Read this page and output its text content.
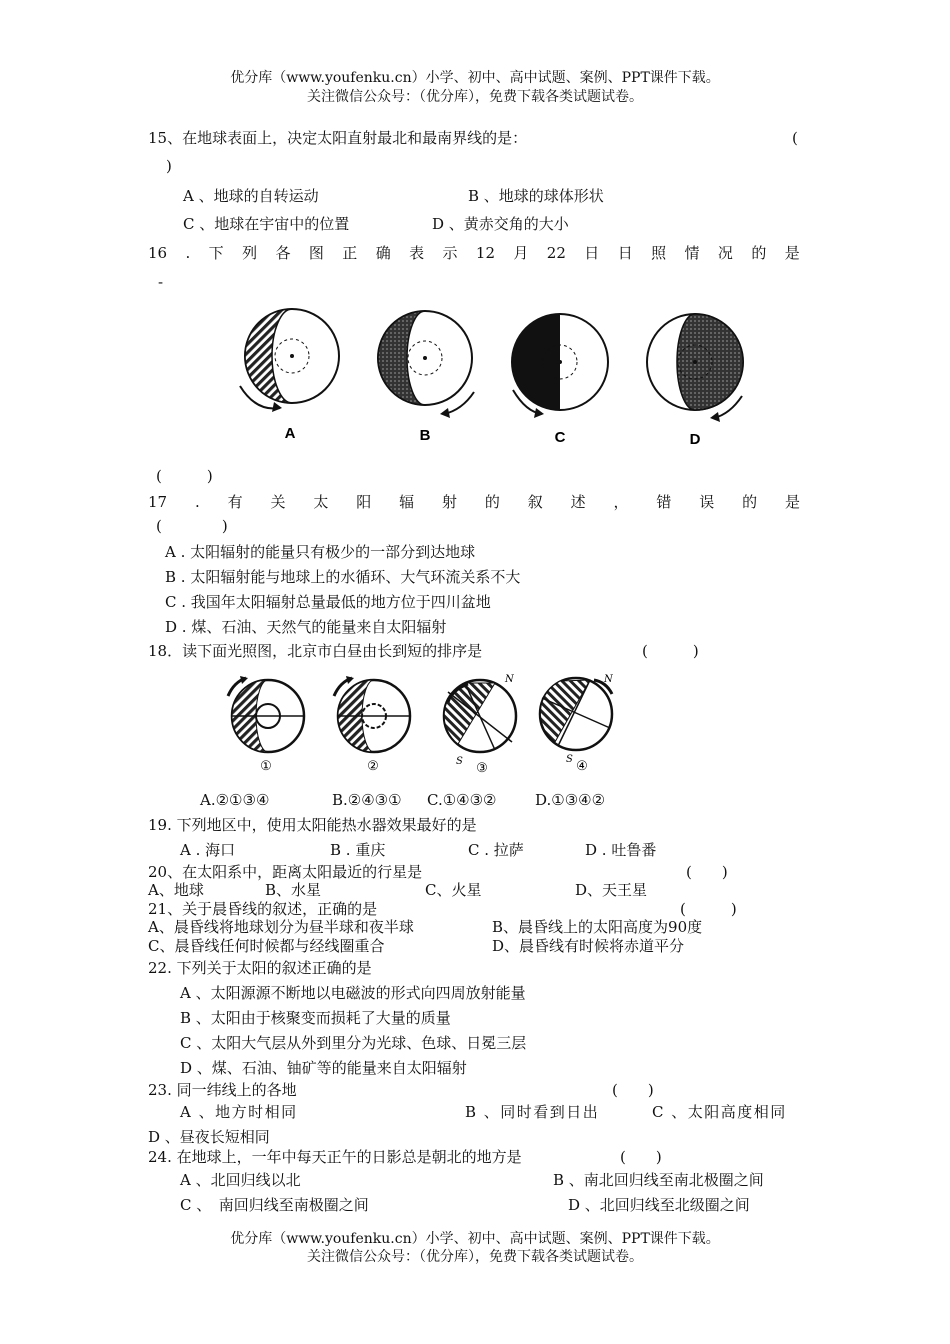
优分库（www.youfenku.cn）小学、初中、高中试题、案例、PPT课件下载。
关注微信公众号：（优分库），免费下载各类试题试卷。
15、在地球表面上，决定太阳直射最北和最南界线的是：	(
)
A 、地球的自转运动	B 、地球的球体形状
C 、地球在宇宙中的位置	D 、黄赤交角的大小
16 . 下 列 各 图 正 确 表 示 12 月 22 日 日 照 情 况 的 是
-
A	B	C	D
(　　　)
17 . 有 关 太 阳 辐 射 的 叙 述 ， 错 误 的 是
(　　　　)
A . 太阳辐射的能量只有极少的一部分到达地球
B . 太阳辐射能与地球上的水循环、大气环流关系不大
C . 我国年太阳辐射总量最低的地方位于四川盆地
D . 煤、石油、天然气的能量来自太阳辐射
18．读下面光照图，北京市白昼由长到短的排序是	(　　　)
N
S
N
S
①	②	③	④
A.②①③④	B.②④③① C.①④③②	D.①③④②
19. 下列地区中，使用太阳能热水器效果最好的是
A . 海口	B . 重庆	C . 拉萨	D . 吐鲁番
20、在太阳系中，距离太阳最近的行星是	(　　)
A、地球	B、水星	C、火星	D、天王星
21、关于晨昏线的叙述，正确的是	(　　　)
A、晨昏线将地球划分为昼半球和夜半球	B、晨昏线上的太阳高度为90度
C、晨昏线任何时候都与经线圈重合	D、晨昏线有时候将赤道平分
22. 下列关于太阳的叙述正确的是
A 、太阳源源不断地以电磁波的形式向四周放射能量
B 、太阳由于核聚变而损耗了大量的质量
C 、太阳大气层从外到里分为光球、色球、日冕三层
D 、煤、石油、铀矿等的能量来自太阳辐射
23. 同一纬线上的各地	(　　)
A 、地方时相同	B 、同时看到日出	C 、太阳高度相同
D 、昼夜长短相同
24. 在地球上，一年中每天正午的日影总是朝北的地方是	(　　)
A 、北回归线以北	B 、南北回归线至南北极圈之间
C 、　南回归线至南极圈之间	D 、北回归线至北级圈之间
优分库（www.youfenku.cn）小学、初中、高中试题、案例、PPT课件下载。
关注微信公众号：（优分库），免费下载各类试题试卷。
